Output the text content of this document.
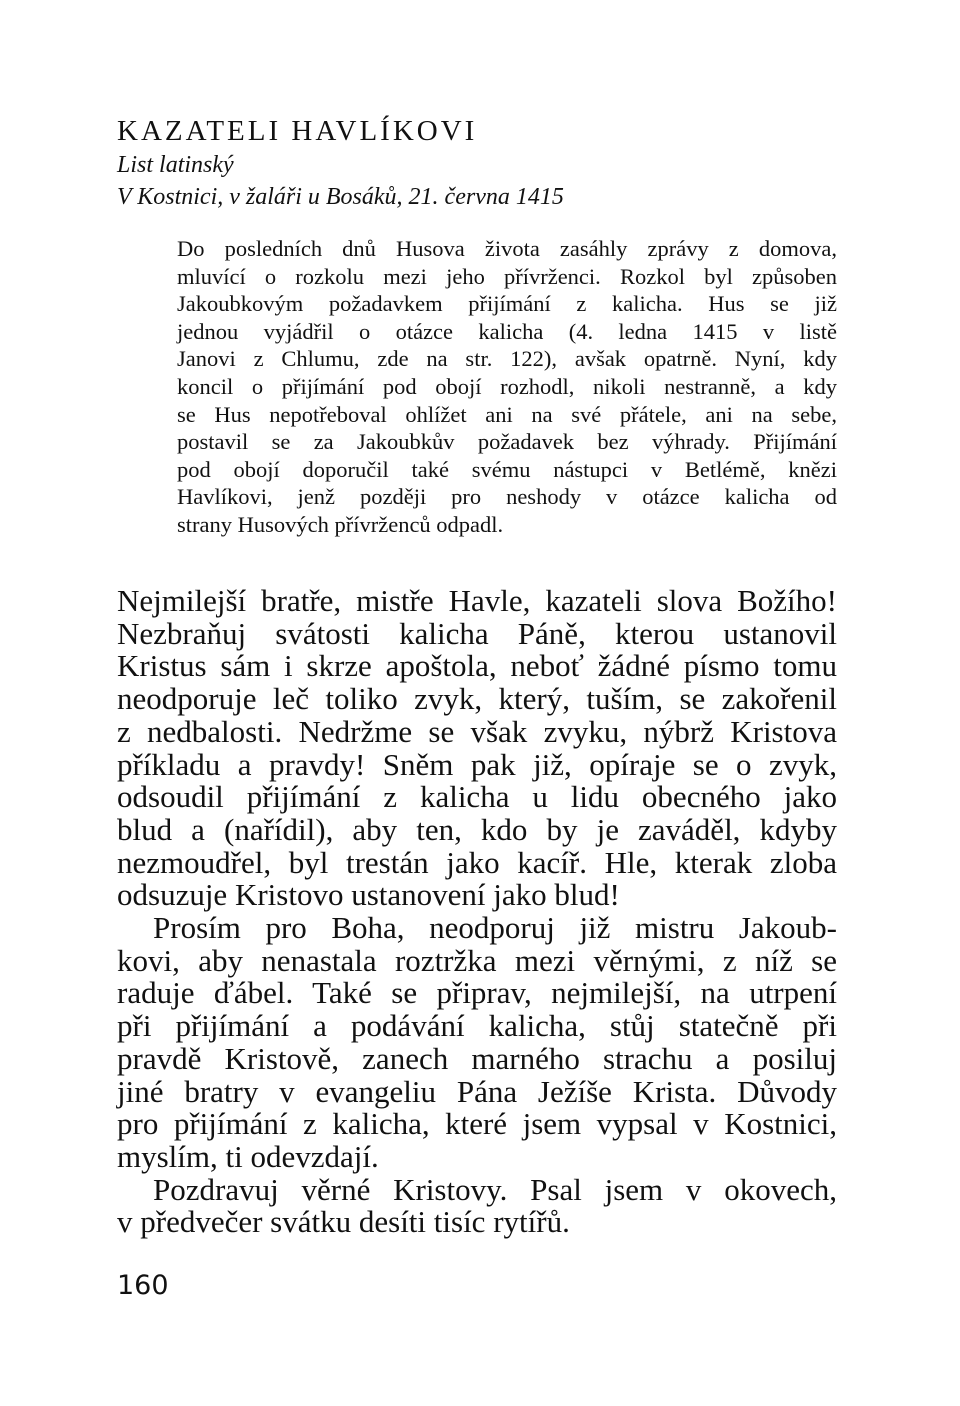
KAZATELI HAVLÍKOVI
List latinský
V Kostnici, v žaláři u Bosáků, 21. června 1415
Do posledních dnů Husova života zasáhly zprávy z domova,
mluvící o rozkolu mezi jeho přívrženci. Rozkol byl způsoben
Jakoubkovým požadavkem přijímání z kalicha. Hus se již
jednou vyjádřil o otázce kalicha (4. ledna 1415 v listě
Janovi z Chlumu, zde na str. 122), avšak opatrně. Nyní, kdy
koncil o přijímání pod obojí rozhodl, nikoli nestranně, a kdy
se Hus nepotřeboval ohlížet ani na své přátele, ani na sebe,
postavil se za Jakoubkův požadavek bez výhrady. Přijímání
pod obojí doporučil také svému nástupci v Betlémě, knězi
Havlíkovi, jenž později pro neshody v otázce kalicha od
strany Husových přívrženců odpadl.
Nejmilejší bratře, mistře Havle, kazateli slova Božího!
Nezbraňuj svátosti kalicha Páně, kterou ustanovil
Kristus sám i skrze apoštola, neboť žádné písmo tomu
neodporuje leč toliko zvyk, který, tuším, se zakořenil
z nedbalosti. Nedržme se však zvyku, nýbrž Kristova
příkladu a pravdy! Sněm pak již, opíraje se o zvyk,
odsoudil přijímání z kalicha u lidu obecného jako
blud a (nařídil), aby ten, kdo by je zaváděl, kdyby
nezmoudřel, byl trestán jako kacíř. Hle, kterak zloba
odsuzuje Kristovo ustanovení jako blud!
Prosím pro Boha, neodporuj již mistru Jakoub-
kovi, aby nenastala roztržka mezi věrnými, z níž se
raduje ďábel. Také se připrav, nejmilejší, na utrpení
při přijímání a podávání kalicha, stůj statečně při
pravdě Kristově, zanech marného strachu a posiluj
jiné bratry v evangeliu Pána Ježíše Krista. Důvody
pro přijímání z kalicha, které jsem vypsal v Kostnici,
myslím, ti odevzdají.
Pozdravuj věrné Kristovy. Psal jsem v okovech,
v předvečer svátku desíti tisíc rytířů.
160
